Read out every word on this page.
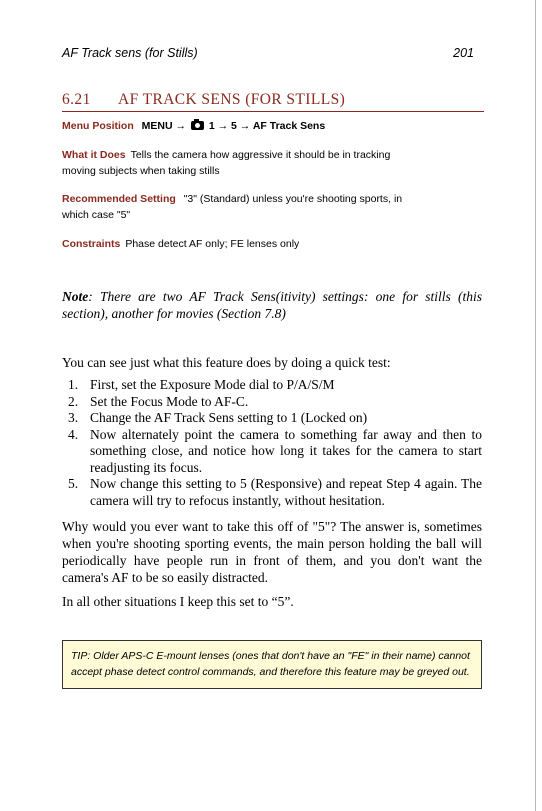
AF Track sens (for Stills)	201
6.21 AF TRACK SENS (FOR STILLS)
Menu Position MENU → 1 → 5 → AF Track Sens
What it Does Tells the camera how aggressive it should be in tracking
moving subjects when taking stills
Recommended Setting "3" (Standard) unless you're shooting sports, in
which case "5"
Constraints Phase detect AF only; FE lenses only
Note: There are two AF Track Sens(itivity) settings: one for stills (this section), another for movies (Section 7.8)
You can see just what this feature does by doing a quick test:
1. First, set the Exposure Mode dial to P/A/S/M
2. Set the Focus Mode to AF-C.
3. Change the AF Track Sens setting to 1 (Locked on)
4. Now alternately point the camera to something far away and then to something close, and notice how long it takes for the camera to start readjusting its focus.
5. Now change this setting to 5 (Responsive) and repeat Step 4 again. The camera will try to refocus instantly, without hesitation.
Why would you ever want to take this off of "5"? The answer is, sometimes when you're shooting sporting events, the main person holding the ball will periodically have people run in front of them, and you don't want the camera's AF to be so easily distracted.
In all other situations I keep this set to “5”.
TIP: Older APS-C E-mount lenses (ones that don't have an "FE" in their name) cannot accept phase detect control commands, and therefore this feature may be greyed out.
